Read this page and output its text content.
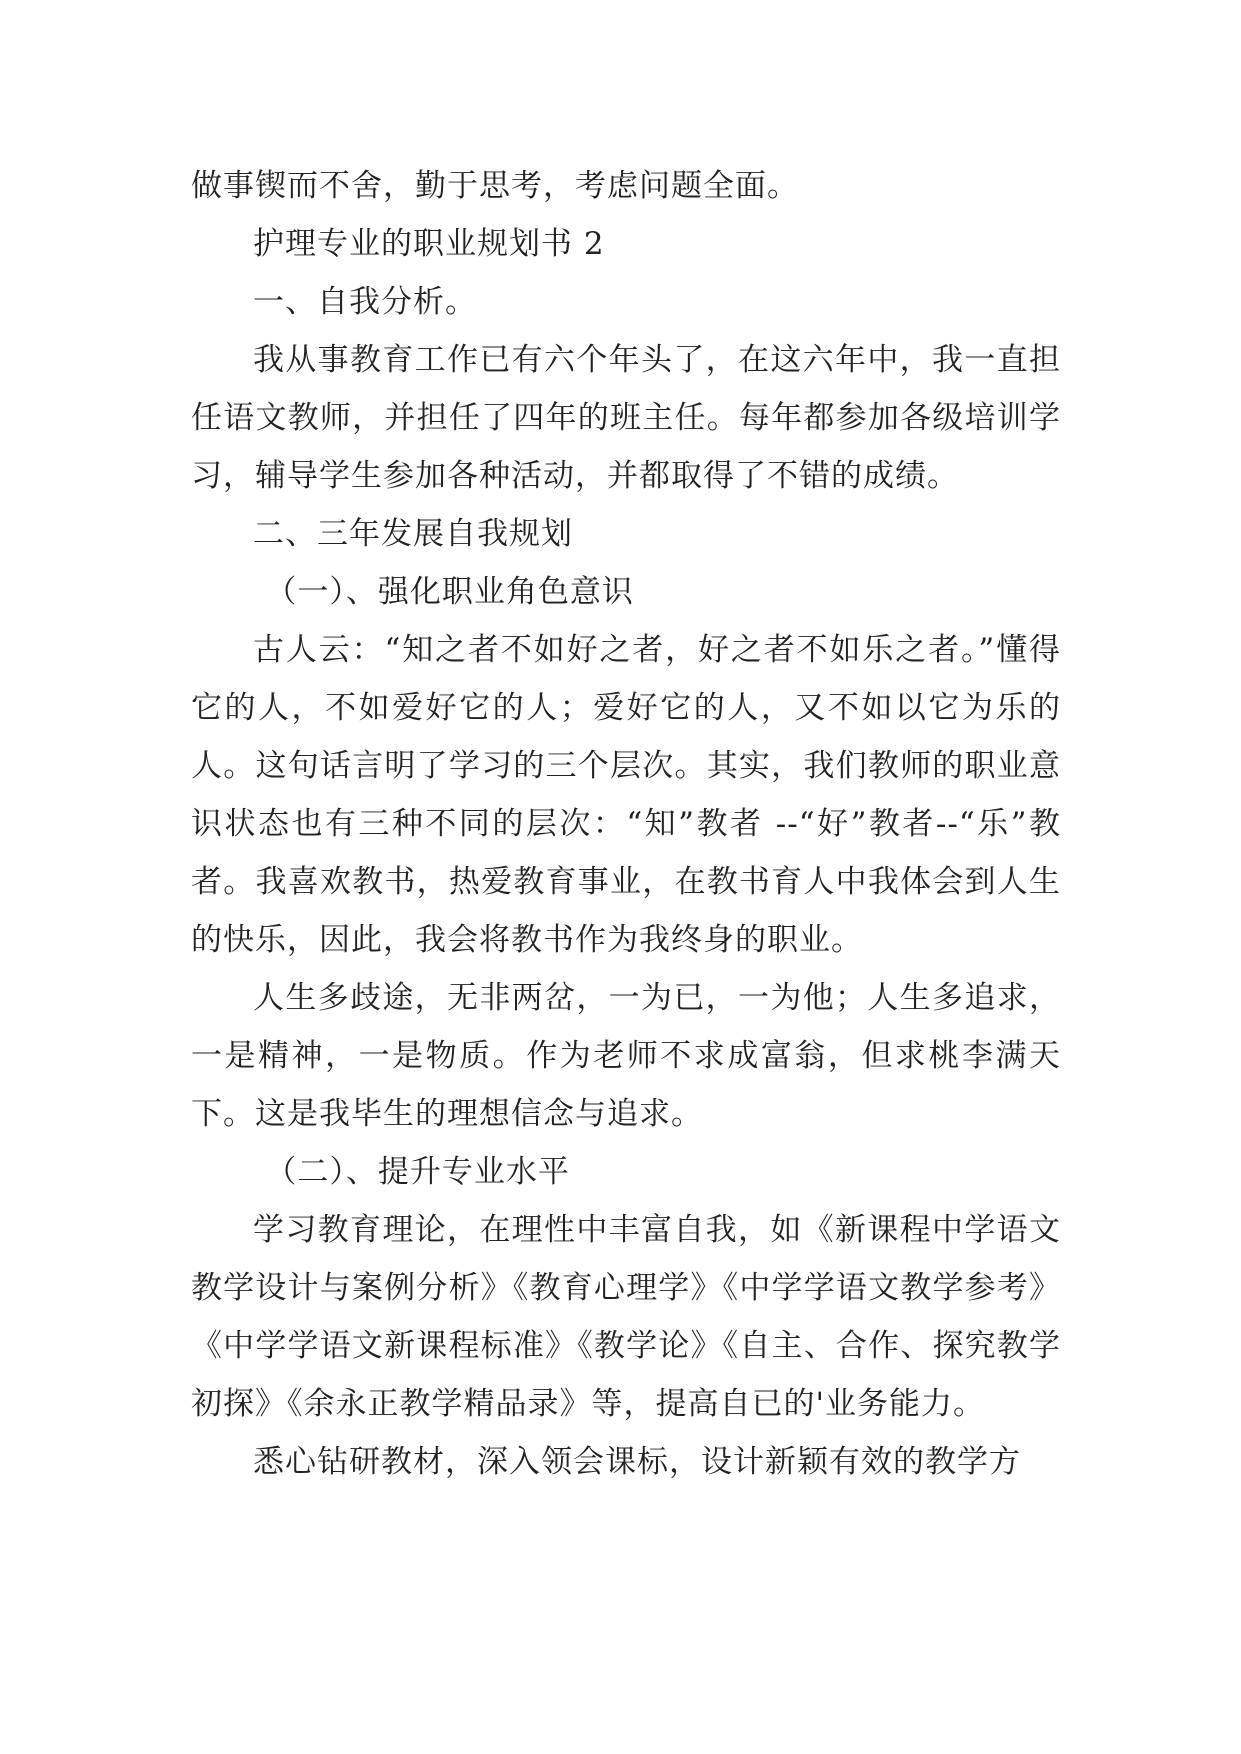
做事锲而不舍，勤于思考，考虑问题全面。

护理专业的职业规划书 2

一、自我分析。

我从事教育工作已有六个年头了，在这六年中，我一直担任语文教师，并担任了四年的班主任。每年都参加各级培训学习，辅导学生参加各种活动，并都取得了不错的成绩。

二、三年发展自我规划

（一）、强化职业角色意识

古人云：“知之者不如好之者，好之者不如乐之者。”懂得它的人，不如爱好它的人；爱好它的人，又不如以它为乐的人。这句话言明了学习的三个层次。其实，我们教师的职业意识状态也有三种不同的层次：“知”教者 --“好”教者--“乐”教者。我喜欢教书，热爱教育事业，在教书育人中我体会到人生的快乐，因此，我会将教书作为我终身的职业。

人生多歧途，无非两岔，一为已，一为他；人生多追求，一是精神，一是物质。作为老师不求成富翁，但求桃李满天下。这是我毕生的理想信念与追求。

（二）、提升专业水平

学习教育理论，在理性中丰富自我，如《新课程中学语文教学设计与案例分析》《教育心理学》《中学学语文教学参考》《中学学语文新课程标准》《教学论》《自主、合作、探究教学初探》《余永正教学精品录》等，提高自已的'业务能力。

悉心钻研教材，深入领会课标，设计新颖有效的教学方
